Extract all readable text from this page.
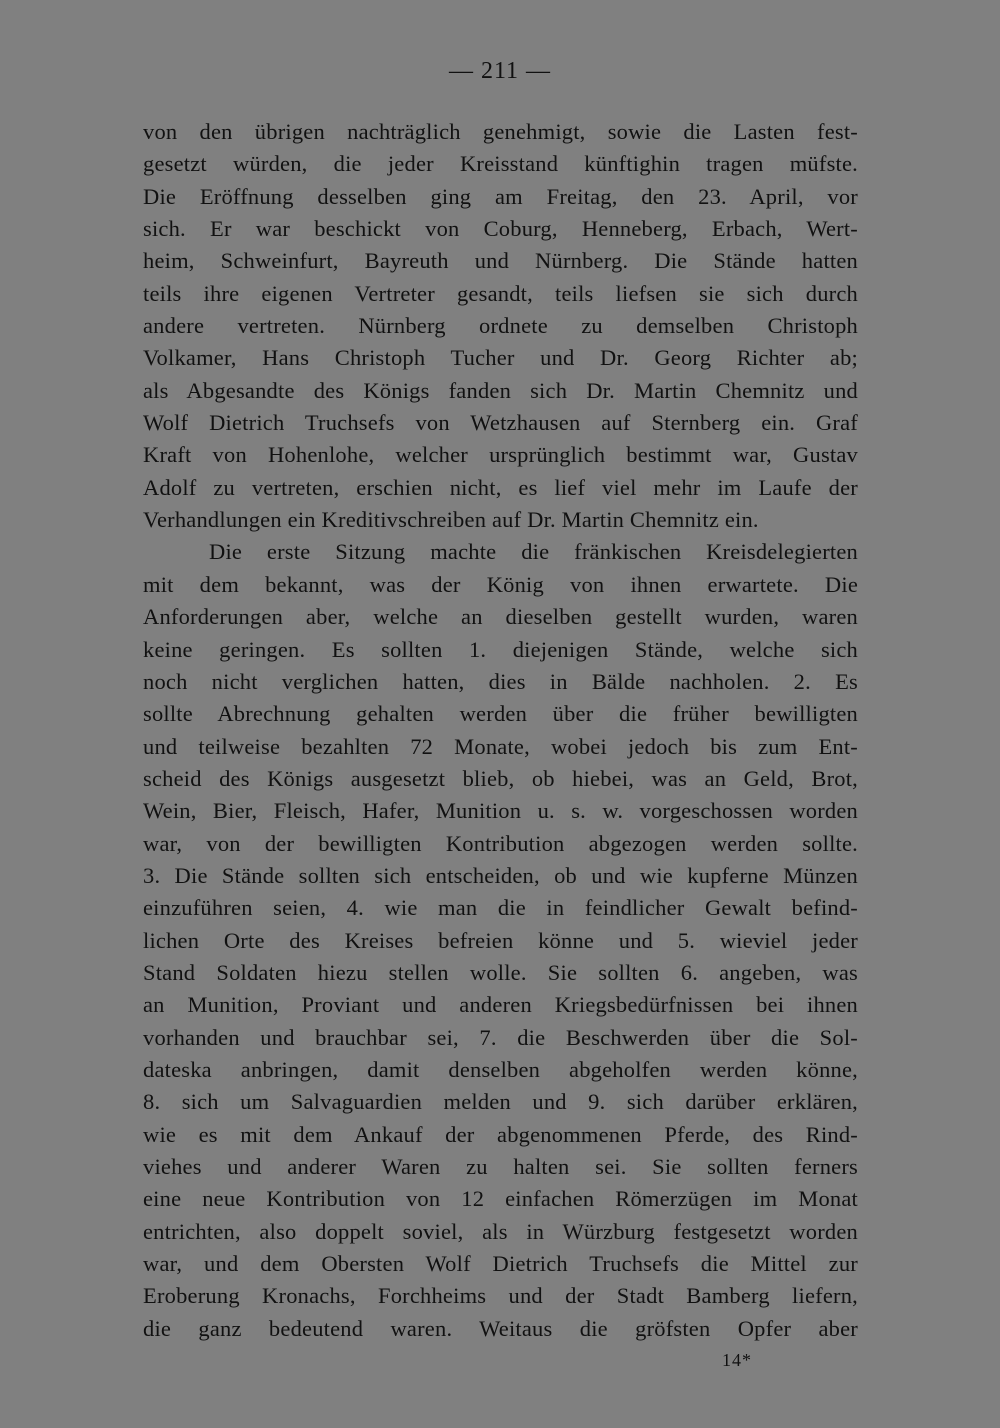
— 211 —
von den übrigen nachträglich genehmigt, sowie die Lasten fest-
gesetzt würden, die jeder Kreisstand künftighin tragen müfste.
Die Eröffnung desselben ging am Freitag, den 23. April, vor
sich. Er war beschickt von Coburg, Henneberg, Erbach, Wert-
heim, Schweinfurt, Bayreuth und Nürnberg. Die Stände hatten
teils ihre eigenen Vertreter gesandt, teils liefsen sie sich durch
andere vertreten. Nürnberg ordnete zu demselben Christoph
Volkamer, Hans Christoph Tucher und Dr. Georg Richter ab;
als Abgesandte des Königs fanden sich Dr. Martin Chemnitz und
Wolf Dietrich Truchsefs von Wetzhausen auf Sternberg ein. Graf
Kraft von Hohenlohe, welcher ursprünglich bestimmt war, Gustav
Adolf zu vertreten, erschien nicht, es lief viel mehr im Laufe der
Verhandlungen ein Kreditivschreiben auf Dr. Martin Chemnitz ein.
Die erste Sitzung machte die fränkischen Kreisdelegierten
mit dem bekannt, was der König von ihnen erwartete. Die
Anforderungen aber, welche an dieselben gestellt wurden, waren
keine geringen. Es sollten 1. diejenigen Stände, welche sich
noch nicht verglichen hatten, dies in Bälde nachholen. 2. Es
sollte Abrechnung gehalten werden über die früher bewilligten
und teilweise bezahlten 72 Monate, wobei jedoch bis zum Ent-
scheid des Königs ausgesetzt blieb, ob hiebei, was an Geld, Brot,
Wein, Bier, Fleisch, Hafer, Munition u. s. w. vorgeschossen worden
war, von der bewilligten Kontribution abgezogen werden sollte.
3. Die Stände sollten sich entscheiden, ob und wie kupferne Münzen
einzuführen seien, 4. wie man die in feindlicher Gewalt befind-
lichen Orte des Kreises befreien könne und 5. wieviel jeder
Stand Soldaten hiezu stellen wolle. Sie sollten 6. angeben, was
an Munition, Proviant und anderen Kriegsbedürfnissen bei ihnen
vorhanden und brauchbar sei, 7. die Beschwerden über die Sol-
dateska anbringen, damit denselben abgeholfen werden könne,
8. sich um Salvaguardien melden und 9. sich darüber erklären,
wie es mit dem Ankauf der abgenommenen Pferde, des Rind-
viehes und anderer Waren zu halten sei. Sie sollten ferners
eine neue Kontribution von 12 einfachen Römerzügen im Monat
entrichten, also doppelt soviel, als in Würzburg festgesetzt worden
war, und dem Obersten Wolf Dietrich Truchsefs die Mittel zur
Eroberung Kronachs, Forchheims und der Stadt Bamberg liefern,
die ganz bedeutend waren. Weitaus die gröfsten Opfer aber
14*
